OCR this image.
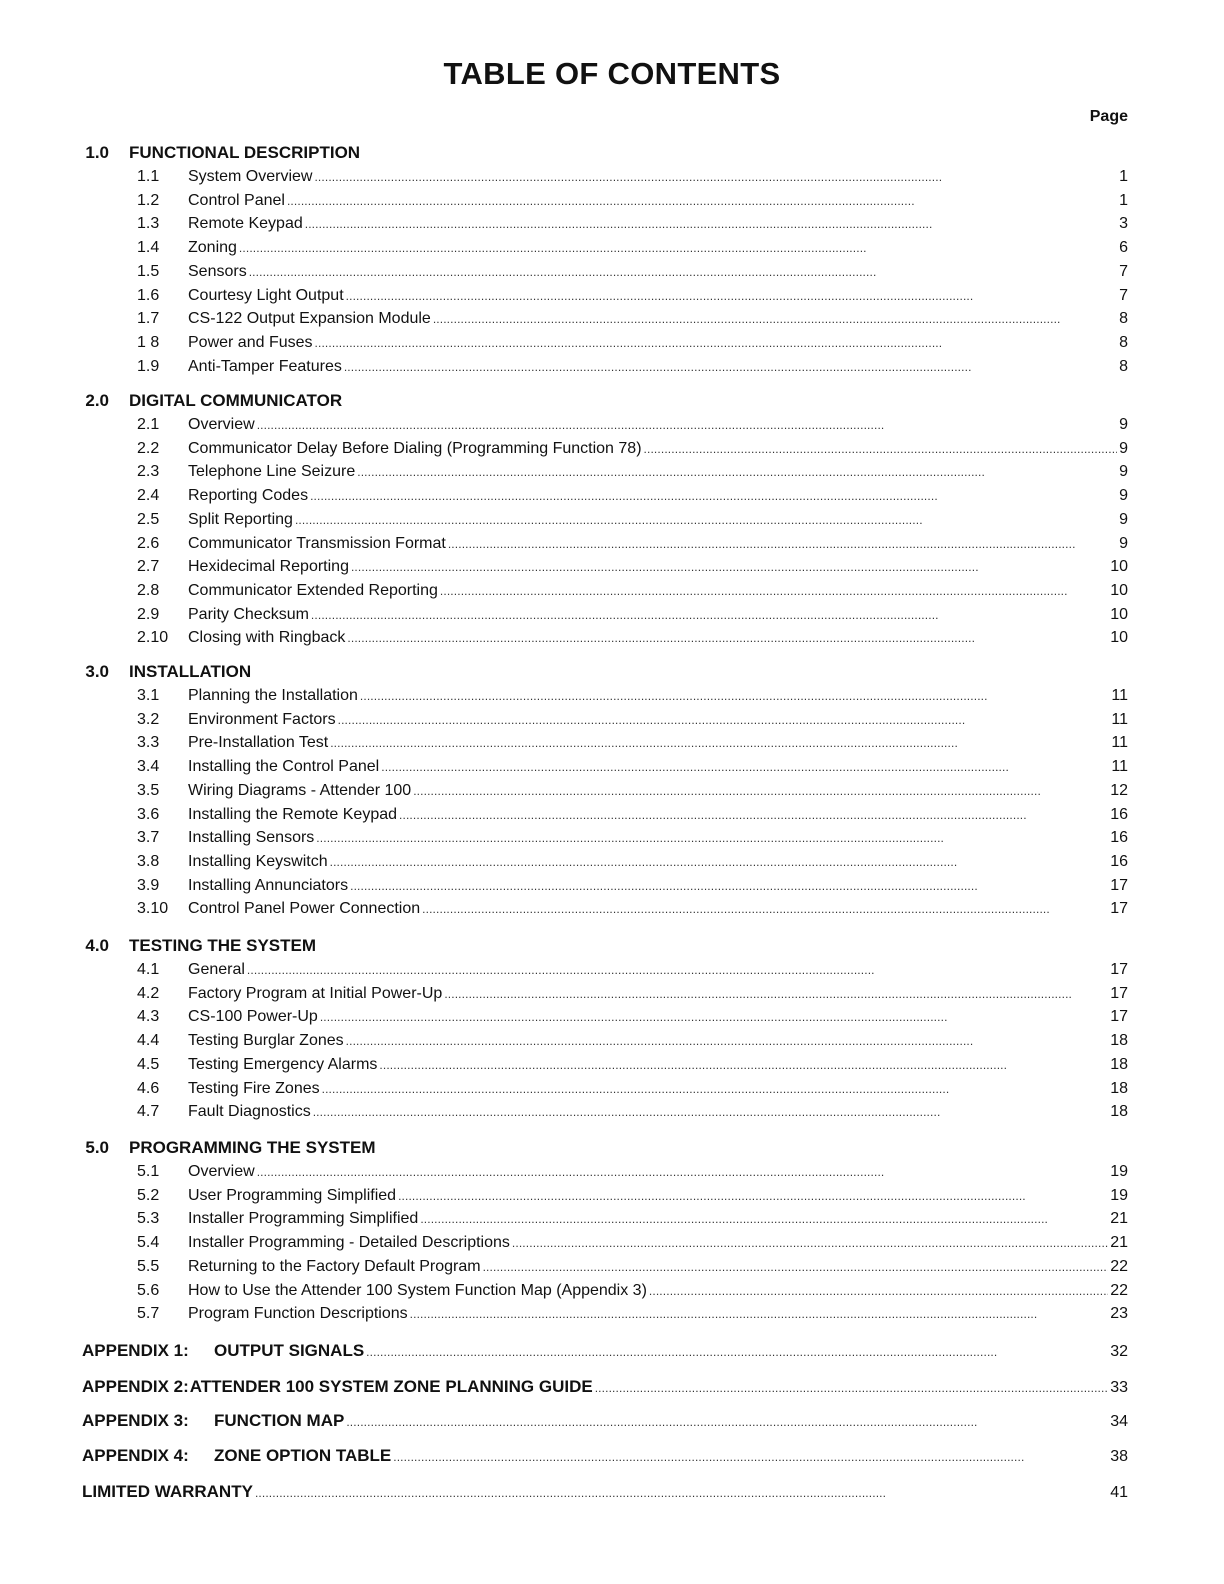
TABLE OF CONTENTS
Page
1.0 FUNCTIONAL DESCRIPTION
1.1 System Overview . . .	1
1.2 Control Panel . . .	1
1.3 Remote Keypad . . .	3
1.4 Zoning . . .	6
1.5 Sensors . . .	7
1.6 Courtesy Light Output . . .	7
1.7 CS-122 Output Expansion Module . . .	8
1 8 Power and Fuses . . .	8
1.9 Anti-Tamper Features . . .	8
2.0 DIGITAL COMMUNICATOR
2.1 Overview . . .	9
2.2 Communicator Delay Before Dialing (Programming Function 78) . . .	9
2.3 Telephone Line Seizure . . .	9
2.4 Reporting Codes . . .	9
2.5 Split Reporting . . .	9
2.6 Communicator Transmission Format . . .	9
2.7 Hexidecimal Reporting . . .	10
2.8 Communicator Extended Reporting . . .	10
2.9 Parity Checksum . . .	10
2.10 Closing with Ringback . . .	10
3.0 INSTALLATION
3.1 Planning the Installation . . .	11
3.2 Environment Factors . . .	11
3.3 Pre-Installation Test . . .	11
3.4 Installing the Control Panel . . .	11
3.5 Wiring Diagrams - Attender 100 . . .	12
3.6 Installing the Remote Keypad . . .	16
3.7 Installing Sensors . . .	16
3.8 Installing Keyswitch . . .	16
3.9 Installing Annunciators . . .	17
3.10 Control Panel Power Connection . . .	17
4.0 TESTING THE SYSTEM
4.1 General . . .	17
4.2 Factory Program at Initial Power-Up . . .	17
4.3 CS-100 Power-Up . . .	17
4.4 Testing Burglar Zones . . .	18
4.5 Testing Emergency Alarms . . .	18
4.6 Testing Fire Zones . . .	18
4.7 Fault Diagnostics . . .	18
5.0 PROGRAMMING THE SYSTEM
5.1 Overview . . .	19
5.2 User Programming Simplified . . .	19
5.3 Installer Programming Simplified . . .	21
5.4 Installer Programming - Detailed Descriptions . . .	21
5.5 Returning to the Factory Default Program . . .	22
5.6 How to Use the Attender 100 System Function Map (Appendix 3) . . .	22
5.7 Program Function Descriptions . . .	23
APPENDIX 1:	OUTPUT SIGNALS . . .	32
APPENDIX 2: ATTENDER 100 SYSTEM ZONE PLANNING GUIDE . . .	33
APPENDIX 3:	FUNCTION MAP . . .	34
APPENDIX 4:	ZONE OPTION TABLE . . .	38
LIMITED WARRANTY . . .	41
